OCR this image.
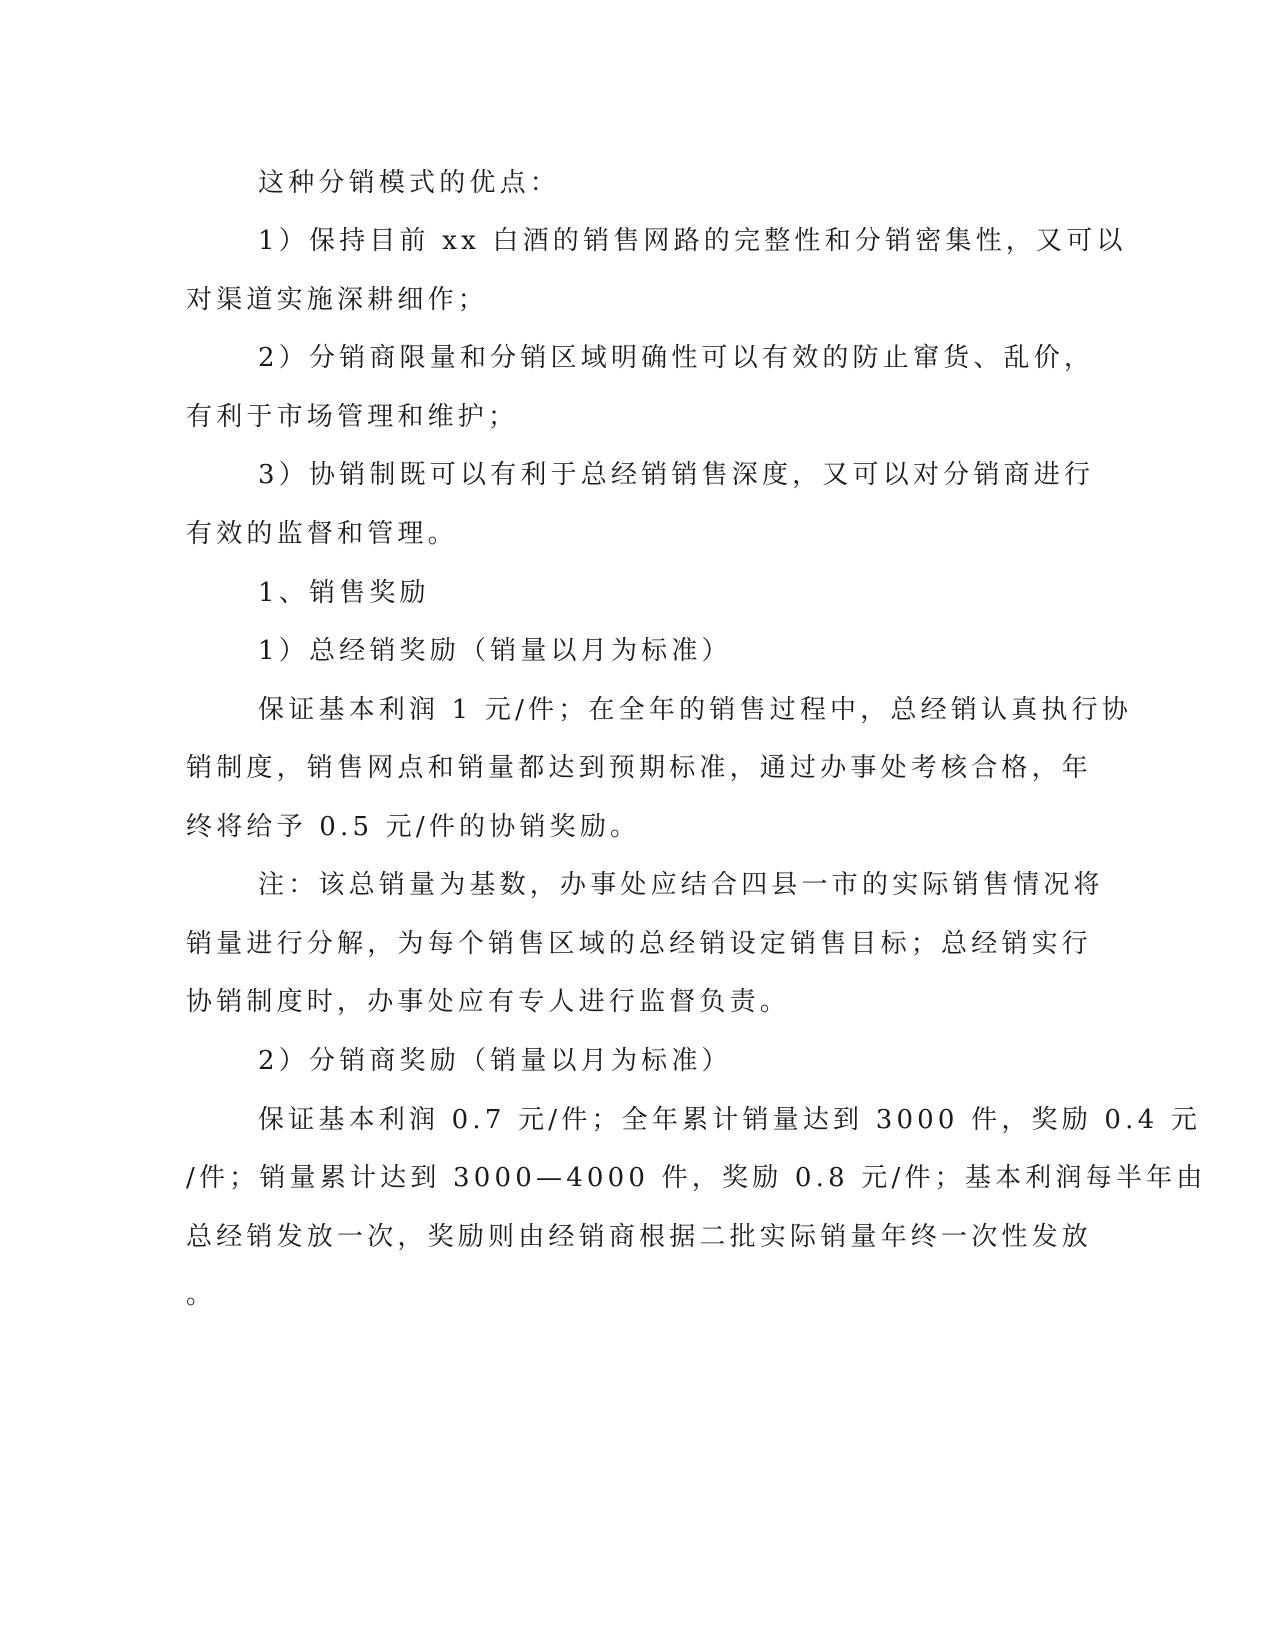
这种分销模式的优点：
1）保持目前 xx 白酒的销售网路的完整性和分销密集性，又可以
对渠道实施深耕细作；
2）分销商限量和分销区域明确性可以有效的防止窜货、乱价，
有利于市场管理和维护；
3）协销制既可以有利于总经销销售深度，又可以对分销商进行
有效的监督和管理。
1、销售奖励
1）总经销奖励（销量以月为标准）
保证基本利润 1 元/件；在全年的销售过程中，总经销认真执行协
销制度，销售网点和销量都达到预期标准，通过办事处考核合格，年
终将给予 0.5 元/件的协销奖励。
注：该总销量为基数，办事处应结合四县一市的实际销售情况将
销量进行分解，为每个销售区域的总经销设定销售目标；总经销实行
协销制度时，办事处应有专人进行监督负责。
2）分销商奖励（销量以月为标准）
保证基本利润 0.7 元/件；全年累计销量达到 3000 件，奖励 0.4 元
/件；销量累计达到 3000—4000 件，奖励 0.8 元/件；基本利润每半年由
总经销发放一次，奖励则由经销商根据二批实际销量年终一次性发放
。
